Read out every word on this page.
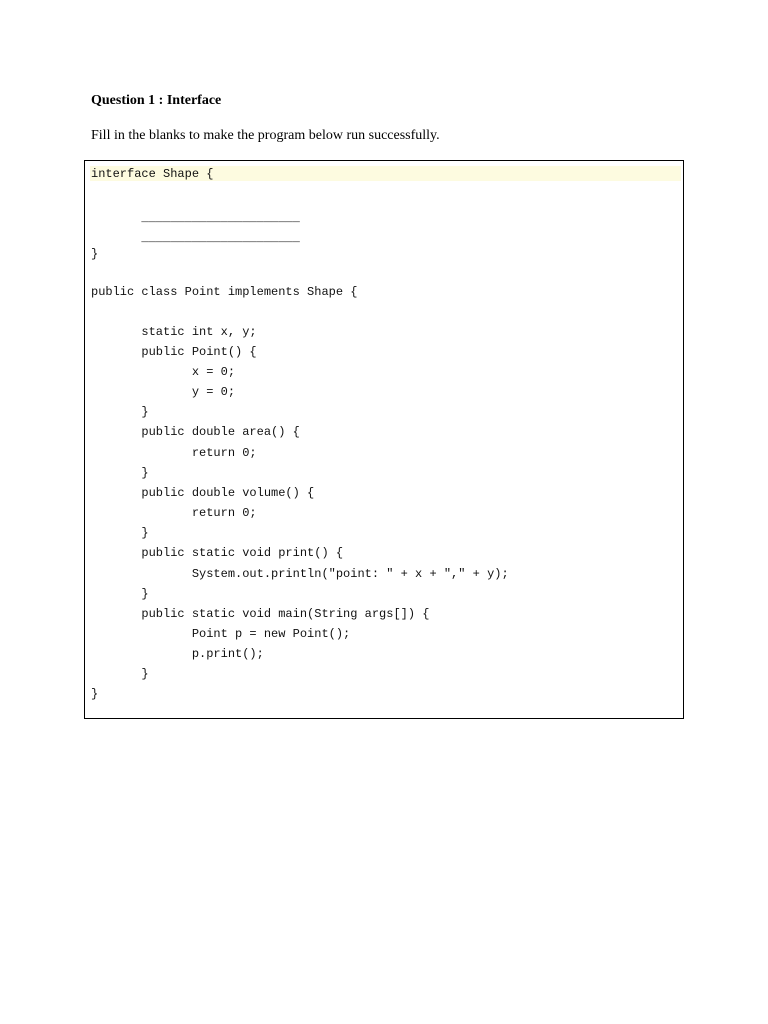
Question 1 : Interface
Fill in the blanks to make the program below run successfully.
interface Shape {
______________________
______________________
}
public class Point implements Shape {
static int x, y;
public Point() {
x = 0;
y = 0;
}
public double area() {
return 0;
}
public double volume() {
return 0;
}
public static void print() {
System.out.println("point: " + x + "," + y);
}
public static void main(String args[]) {
Point p = new Point();
p.print();
}
}
